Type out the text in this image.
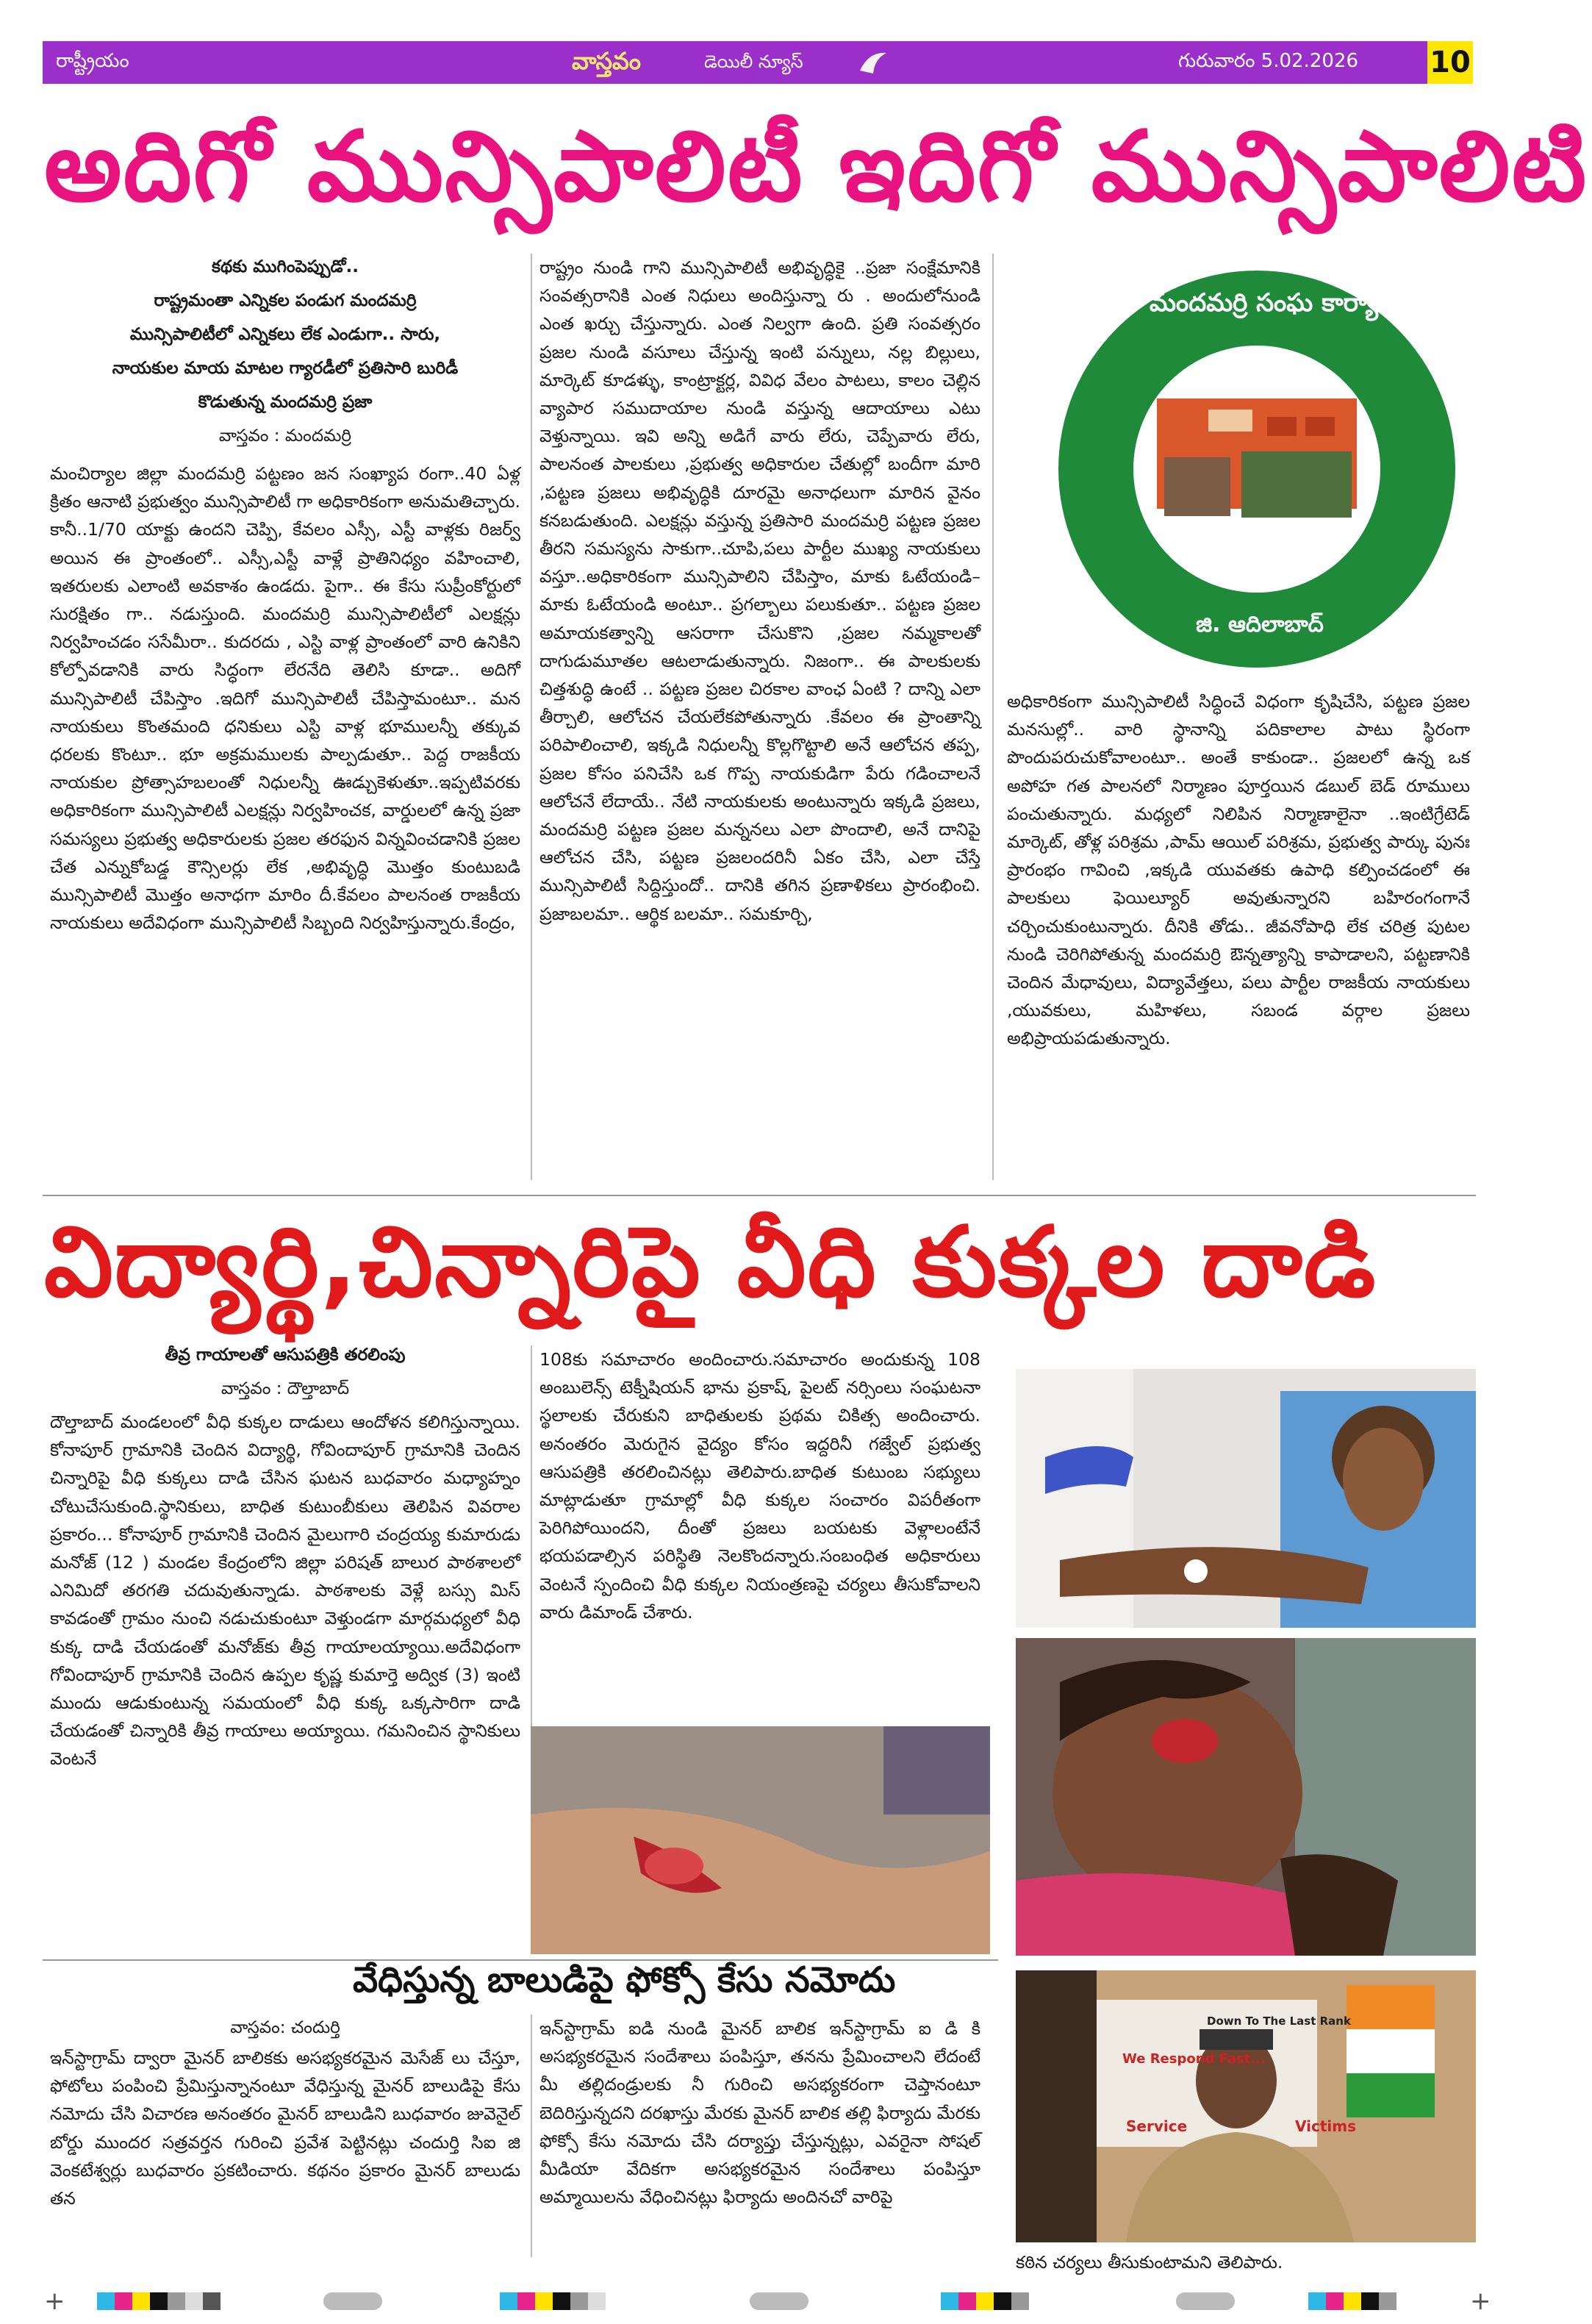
రాష్ట్రీయం	వాస్తవం	డెయిలీ న్యూస్	గురువారం 5.02.2026 10
అదిగో మున్సిపాలిటీ ఇదిగో మున్సిపాలిటి
కథకు ముగింపెప్పుడో..
రాష్ట్రమంతా ఎన్నికల పండుగ మందమర్రి
మున్సిపాలిటీలో ఎన్నికలు లేక ఎండుగా.. సారు,
నాయకుల మాయ మాటల గ్యారడీలో ప్రతిసారి బురిడీ
కొడుతున్న మందమర్రి ప్రజా
వాస్తవం : మందమర్రి

మంచిర్యాల జిల్లా మందమర్రి పట్టణం జన సంఖ్యాప రంగా..40 ఏళ్ల క్రితం ఆనాటి ప్రభుత్వం మున్సిపాలిటీ గా అధికారికంగా అనుమతిచ్చారు. కానీ..1/70 యాక్టు ఉందని చెప్పి, కేవలం ఎస్సీ, ఎస్టీ వాళ్లకు రిజర్వ్ అయిన ఈ ప్రాంతంలో.. ఎస్సీ,ఎస్టీ వాళ్లే ప్రాతినిధ్యం వహించాలి, ఇతరులకు ఎలాంటి అవకాశం ఉండదు. పైగా.. ఈ కేసు సుప్రీంకోర్టులో సురక్షితం గా.. నడుస్తుంది. మందమర్రి మున్సిపాలిటీలో ఎలక్షన్లు నిర్వహించడం ససేమీరా.. కుదరదు , ఎస్టి వాళ్ల ప్రాంతంలో వారి ఉనికిని కోల్పోవడానికి వారు సిద్ధంగా లేరనేది తెలిసి కూడా.. అదిగో మున్సిపాలిటీ చేపిస్తాం .ఇదిగో మున్సిపాలిటీ చేపిస్తామంటూ.. మన నాయకులు కొంతమంది ధనికులు ఎస్టి వాళ్ల భూములన్నీ తక్కువ ధరలకు కొంటూ.. భూ అక్రమములకు పాల్పడుతూ.. పెద్ద రాజకీయ నాయకుల ప్రోత్సాహబలంతో నిధులన్నీ ఊడ్చుకెళుతూ..ఇప్పటివరకు అధికారికంగా మున్సిపాలిటీ ఎలక్షన్లు నిర్వహించక, వార్డులలో ఉన్న ప్రజా సమస్యలు ప్రభుత్వ అధికారులకు ప్రజల తరఫున విన్నవించడానికి ప్రజల చేత ఎన్నుకోబడ్డ కౌన్సిలర్లు లేక ,అభివృద్ధి మొత్తం కుంటుబడి మున్సిపాలిటీ మొత్తం అనాధగా మారిం దీ.కేవలం పాలనంత రాజకీయ నాయకులు అదేవిధంగా మున్సిపాలిటీ సిబ్బంది నిర్వహిస్తున్నారు.కేంద్రం,

రాష్ట్రం నుండి గాని మున్సిపాలిటీ అభివృద్ధికై ..ప్రజా సంక్షేమానికి సంవత్సరానికి ఎంత నిధులు అందిస్తున్నా రు . అందులోనుండి ఎంత ఖర్చు చేస్తున్నారు. ఎంత నిల్వగా ఉంది. ప్రతి సంవత్సరం ప్రజల నుండి వసూలు చేస్తున్న ఇంటి పన్నులు, నల్ల బిల్లులు, మార్కెట్ కూడళ్ళు, కాంట్రాక్టర్ల, వివిధ వేలం పాటలు, కాలం చెల్లిన వ్యాపార సముదాయాల నుండి వస్తున్న ఆదాయాలు ఎటు వెళ్తున్నాయి. ఇవి అన్ని అడిగే వారు లేరు, చెప్పేవారు లేరు, పాలనంత పాలకులు ,ప్రభుత్వ అధికారుల చేతుల్లో బందీగా మారి ,పట్టణ ప్రజలు అభివృద్ధికి దూరమై అనాధలుగా మారిన వైనం కనబడుతుంది. ఎలక్షన్లు వస్తున్న ప్రతిసారి మందమర్రి పట్టణ ప్రజల తీరని సమస్యను సాకుగా..చూపి,పలు పార్టీల ముఖ్య నాయకులు వస్తూ..అధికారికంగా మున్సిపాలిని చేపిస్తాం, మాకు ఓటేయండి– మాకు ఓటేయండి అంటూ.. ప్రగల్బాలు పలుకుతూ.. పట్టణ ప్రజల అమాయకత్వాన్ని ఆసరాగా చేసుకొని ,ప్రజల నమ్మకాలతో దాగుడుమూతల ఆటలాడుతున్నారు. నిజంగా.. ఈ పాలకులకు చిత్తశుద్ధి ఉంటే .. పట్టణ ప్రజల చిరకాల వాంఛ ఏంటి ? దాన్ని ఎలా తీర్చాలి, ఆలోచన చేయలేకపోతున్నారు .కేవలం ఈ ప్రాంతాన్ని పరిపాలించాలి, ఇక్కడి నిధులన్నీ కొల్లగొట్టాలి అనే ఆలోచన తప్ప, ప్రజల కోసం పనిచేసి ఒక గొప్ప నాయకుడిగా పేరు గడించాలనే ఆలోచనే లేదాయే.. నేటి నాయకులకు అంటున్నారు ఇక్కడి ప్రజలు, మందమర్రి పట్టణ ప్రజల మన్ననలు ఎలా పొందాలి, అనే దానిపై ఆలోచన చేసి, పట్టణ ప్రజలందరినీ ఏకం చేసి, ఎలా చేస్తే మున్సిపాలిటీ సిద్దిస్తుందో.. దానికి తగిన ప్రణాళికలు ప్రారంభించి. ప్రజాబలమా.. ఆర్థిక బలమా.. సమకూర్చి,

మందమర్రి సంఘ కార్యాలయము, మంచిర్యాల
జి. ఆదిలాబాద్

అధికారికంగా మున్సిపాలిటీ సిద్ధించే విధంగా కృషిచేసి, పట్టణ ప్రజల మనసుల్లో.. వారి స్థానాన్ని పదికాలాల పాటు స్థిరంగా పొందుపరుచుకోవాలంటూ.. అంతే కాకుండా.. ప్రజలలో ఉన్న ఒక అపోహ గత పాలనలో నిర్మాణం పూర్తయిన డబుల్ బెడ్ రూములు పంచుతున్నారు. మధ్యలో నిలిపిన నిర్మాణాలైనా ..ఇంటిగ్రేటెడ్ మార్కెట్, తోళ్ల పరిశ్రమ ,పామ్ ఆయిల్ పరిశ్రమ, ప్రభుత్వ పార్కు పునః ప్రారంభం గావించి ,ఇక్కడి యువతకు ఉపాధి కల్పించడంలో ఈ పాలకులు ఫెయిల్యూర్ అవుతున్నారని బహిరంగంగానే చర్చించుకుంటున్నారు. దీనికి తోడు.. జీవనోపాధి లేక చరిత్ర పుటల నుండి చెరిగిపోతున్న మందమర్రి ఔన్నత్యాన్ని కాపాడాలని, పట్టణానికి చెందిన మేధావులు, విద్యావేత్తలు, పలు పార్టీల రాజకీయ నాయకులు ,యువకులు, మహిళలు, సబండ వర్గాల ప్రజలు అభిప్రాయపడుతున్నారు.

విద్యార్థి,చిన్నారిపై వీధి కుక్కల దాడి
తీవ్ర గాయాలతో ఆసుపత్రికి తరలింపు
వాస్తవం : దౌల్తాబాద్

దౌల్తాబాద్ మండలంలో వీధి కుక్కల దాడులు ఆందోళన కలిగిస్తున్నాయి. కోనాపూర్ గ్రామానికి చెందిన విద్యార్థి, గోవిందాపూర్ గ్రామానికి చెందిన చిన్నారిపై వీధి కుక్కలు దాడి చేసిన ఘటన బుధవారం మధ్యాహ్నం చోటుచేసుకుంది.స్థానికులు, బాధిత కుటుంబీకులు తెలిపిన వివరాల ప్రకారం... కోనాపూర్ గ్రామానికి చెందిన మైలుగారి చంద్రయ్య కుమారుడు మనోజ్ (12 ) మండల కేంద్రంలోని జిల్లా పరిషత్ బాలుర పాఠశాలలో ఎనిమిదో తరగతి చదువుతున్నాడు. పాఠశాలకు వెళ్లే బస్సు మిస్ కావడంతో గ్రామం నుంచి నడుచుకుంటూ వెళ్తుండగా మార్గమధ్యలో వీధి కుక్క దాడి చేయడంతో మనోజ్‌కు తీవ్ర గాయాలయ్యాయి.అదేవిధంగా గోవిందాపూర్ గ్రామానికి చెందిన ఉప్పల కృష్ణ కుమార్తె అద్విక (3) ఇంటి ముందు ఆడుకుంటున్న సమయంలో వీధి కుక్క ఒక్కసారిగా దాడి చేయడంతో చిన్నారికి తీవ్ర గాయాలు అయ్యాయి. గమనించిన స్థానికులు వెంటనే

108కు సమాచారం అందించారు.సమాచారం అందుకున్న 108 అంబులెన్స్ టెక్నీషియన్ భాను ప్రకాష్, పైలట్ నర్సింలు సంఘటనా స్థలాలకు చేరుకుని బాధితులకు ప్రథమ చికిత్స అందించారు. అనంతరం మెరుగైన వైద్యం కోసం ఇద్దరినీ గజ్వేల్ ప్రభుత్వ ఆసుపత్రికి తరలించినట్లు తెలిపారు.బాధిత కుటుంబ సభ్యులు మాట్లాడుతూ గ్రామాల్లో వీధి కుక్కల సంచారం విపరీతంగా పెరిగిపోయిందని, దీంతో ప్రజలు బయటకు వెళ్లాలంటేనే భయపడాల్సిన పరిస్థితి నెలకొందన్నారు.సంబంధిత అధికారులు వెంటనే స్పందించి వీధి కుక్కల నియంత్రణపై చర్యలు తీసుకోవాలని వారు డిమాండ్ చేశారు.

వేధిస్తున్న బాలుడిపై ఫోక్సో కేసు నమోదు
వాస్తవం: చందుర్తి

ఇన్‌స్టాగ్రామ్ ద్వారా మైనర్ బాలికకు అసభ్యకరమైన మెసేజ్ లు చేస్తూ, ఫోటోలు పంపించి ప్రేమిస్తున్నానంటూ వేధిస్తున్న మైనర్ బాలుడిపై కేసు నమోదు చేసి విచారణ అనంతరం మైనర్ బాలుడిని బుధవారం జువెనైల్ బోర్డు ముందర సత్రవర్తన గురించి ప్రవేశ పెట్టినట్లు చందుర్తి సిఐ జి వెంకటేశ్వర్లు బుధవారం ప్రకటించారు. కథనం ప్రకారం మైనర్ బాలుడు తన

ఇన్‌స్టాగ్రామ్ ఐడి నుండి మైనర్ బాలిక ఇన్‌స్టాగ్రామ్ ఐ డి కి అసభ్యకరమైన సందేశాలు పంపిస్తూ, తనను ప్రేమించాలని లేదంటే మీ తల్లిదండ్రులకు నీ గురించి అసభ్యకరంగా చెప్తానంటూ బెదిరిస్తున్నదని దరఖాస్తు మేరకు మైనర్ బాలిక తల్లి ఫిర్యాదు మేరకు ఫోక్సో కేసు నమోదు చేసి దర్యాప్తు చేస్తున్నట్లు, ఎవరైనా సోషల్ మీడియా వేదికగా అసభ్యకరమైన సందేశాలు పంపిస్తూ అమ్మాయిలను వేధించినట్లు ఫిర్యాదు అందినచో వారిపై

We Respond Fast...
Down To The Last Rank
Service	Victims

కఠిన చర్యలు తీసుకుంటామని తెలిపారు.

+	+
